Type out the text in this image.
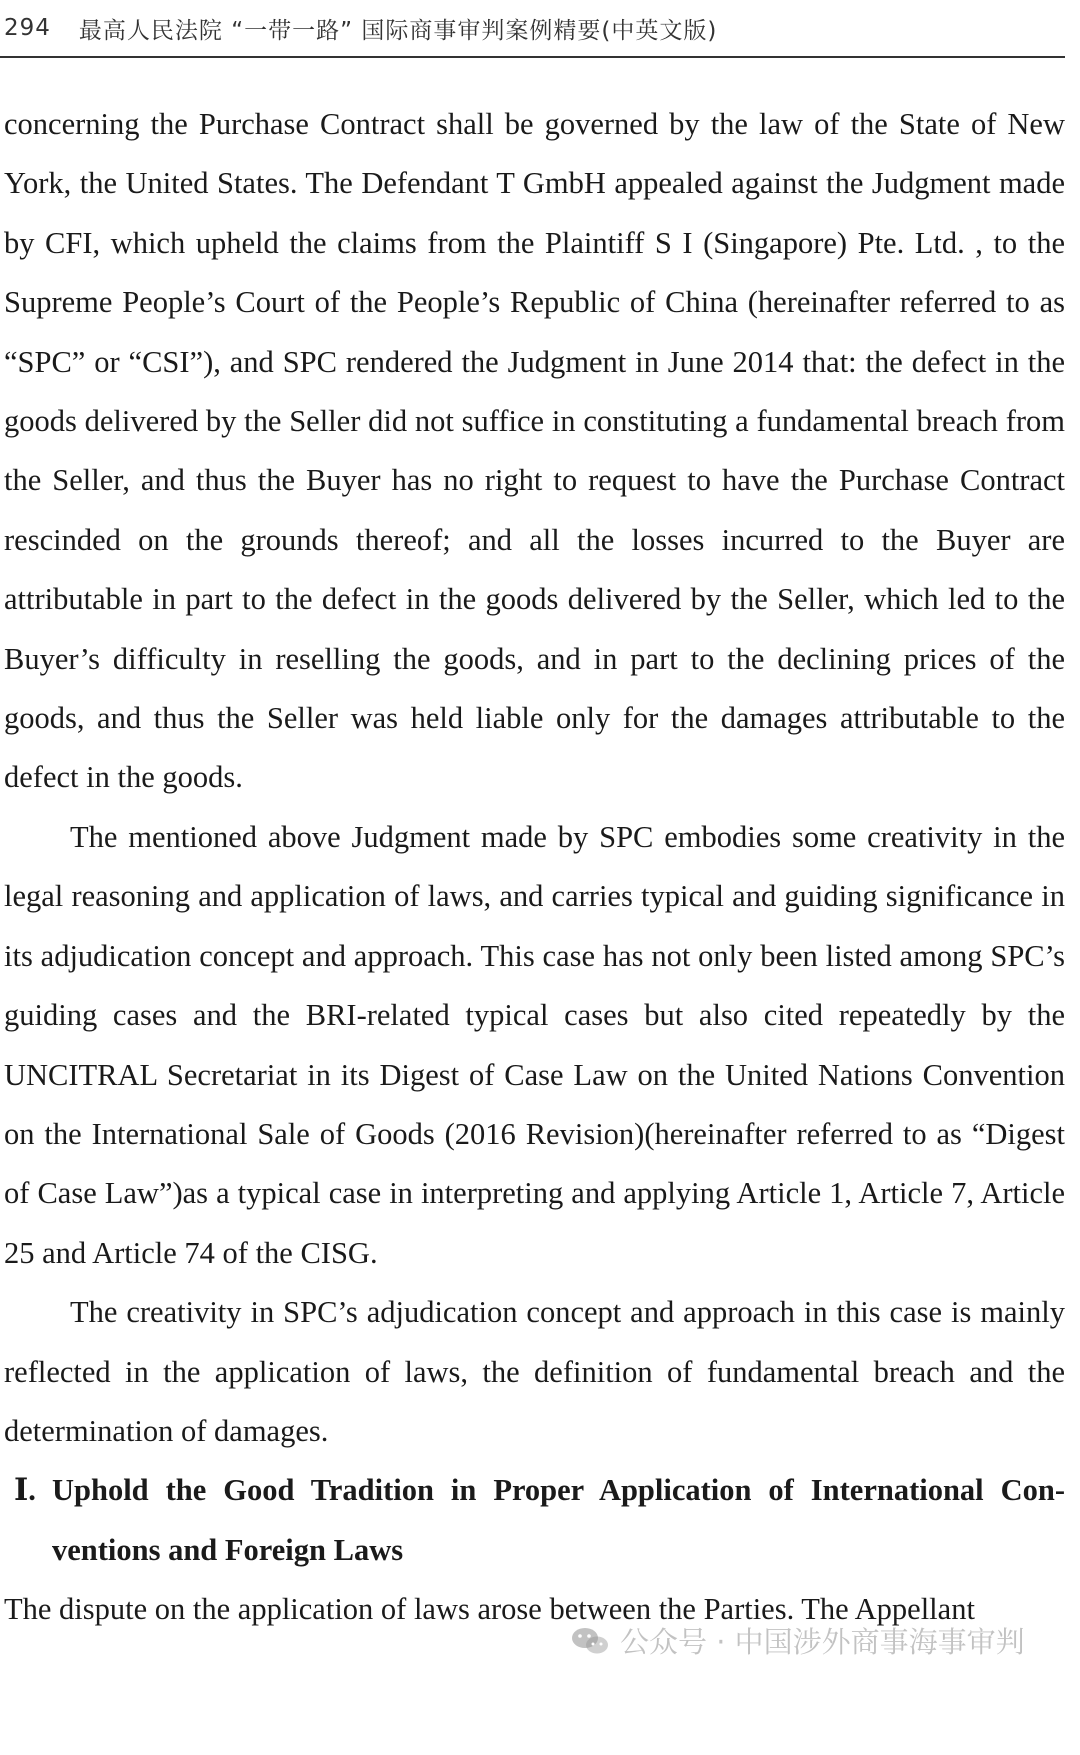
294 最高人民法院 “一带一路” 国际商事审判案例精要(中英文版)

concerning the Purchase Contract shall be governed by the law of the State of New York, the United States. The Defendant T GmbH appealed against the Judgment made by CFI, which upheld the claims from the Plaintiff S I (Singapore) Pte. Ltd. , to the Supreme People’s Court of the People’s Republic of China (hereinafter referred to as “SPC” or “CSI”), and SPC rendered the Judgment in June 2014 that: the defect in the goods delivered by the Seller did not suffice in constituting a fundamental breach from the Seller, and thus the Buyer has no right to request to have the Purchase Contract rescinded on the grounds thereof; and all the losses incurred to the Buyer are attributable in part to the defect in the goods delivered by the Seller, which led to the Buyer’s difficulty in reselling the goods, and in part to the declining prices of the goods, and thus the Seller was held liable only for the damages attributable to the defect in the goods.

The mentioned above Judgment made by SPC embodies some creativity in the legal reasoning and application of laws, and carries typical and guiding significance in its adjudication concept and approach. This case has not only been listed among SPC’s guiding cases and the BRI-related typical cases but also cited repeatedly by the UNCITRAL Secretariat in its Digest of Case Law on the United Nations Convention on the International Sale of Goods (2016 Revision)(hereinafter referred to as “Digest of Case Law”)as a typical case in interpreting and applying Article 1, Article 7, Article 25 and Article 74 of the CISG.

The creativity in SPC’s adjudication concept and approach in this case is mainly reflected in the application of laws, the definition of fundamental breach and the determination of damages.

Ⅰ. Uphold the Good Tradition in Proper Application of International Con-ventions and Foreign Laws

The dispute on the application of laws arose between the Parties. The Appellant

公众号 · 中国涉外商事海事审判
